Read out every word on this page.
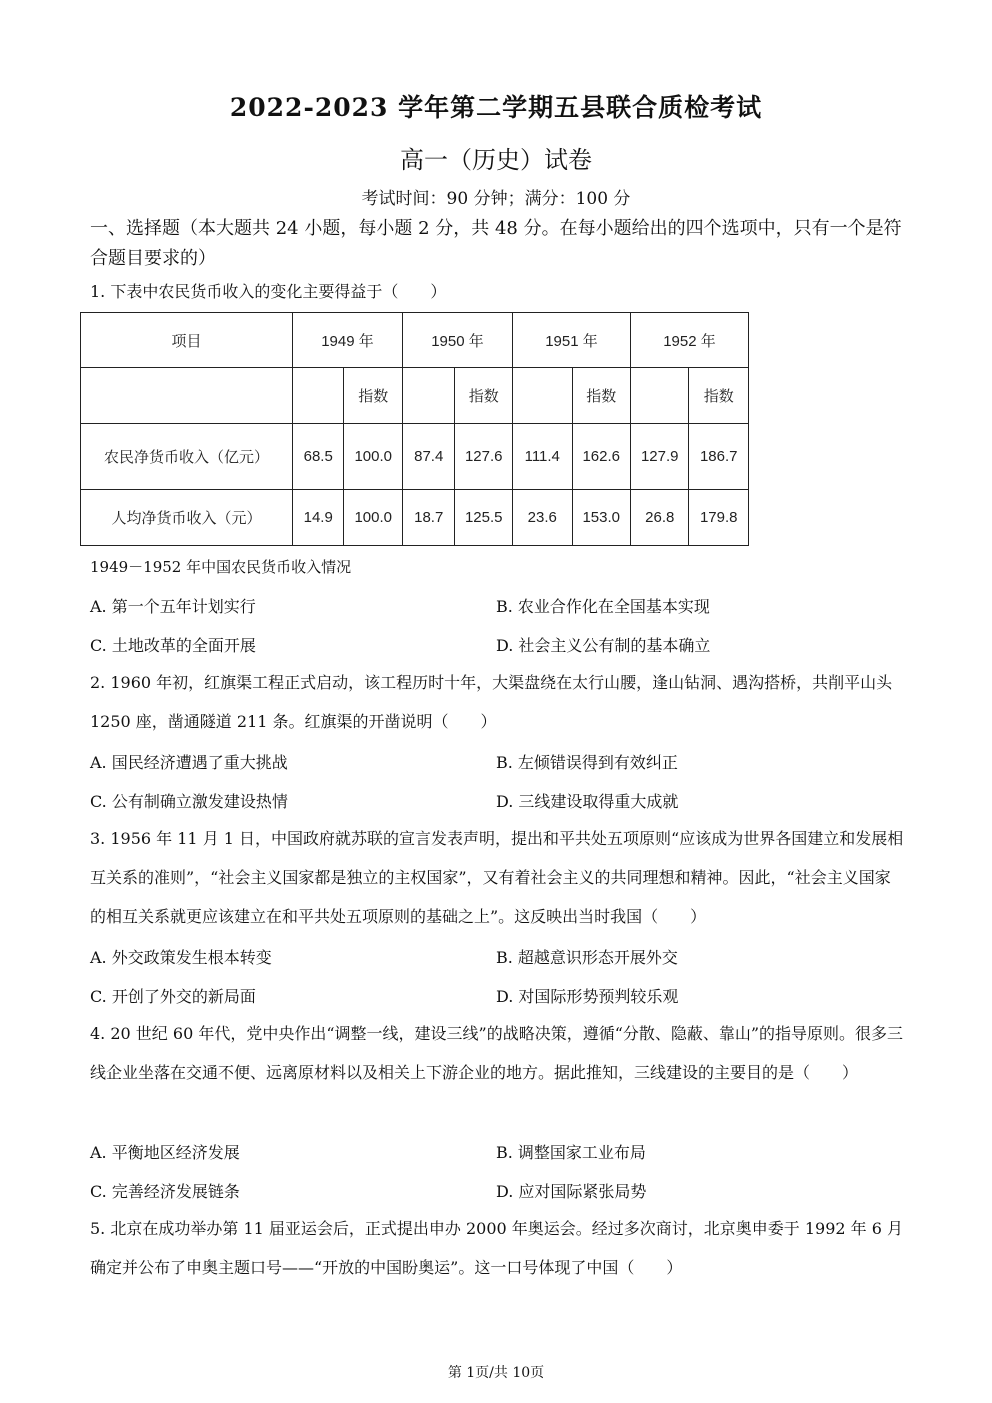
2022-2023 学年第二学期五县联合质检考试
高一（历史）试卷
考试时间：90 分钟；满分：100 分
一、选择题（本大题共 24 小题，每小题 2 分，共 48 分。在每小题给出的四个选项中，只有一个是符合题目要求的）
1. 下表中农民货币收入的变化主要得益于（　　）
项目	1949 年		1950 年		1951 年		1952 年	
		指数		指数		指数		指数
农民净货币收入（亿元）	68.5	100.0	87.4	127.6	111.4	162.6	127.9	186.7
人均净货币收入（元）	14.9	100.0	18.7	125.5	23.6	153.0	26.8	179.8
1949－1952 年中国农民货币收入情况
A. 第一个五年计划实行	B. 农业合作化在全国基本实现
C. 土地改革的全面开展	D. 社会主义公有制的基本确立
2. 1960 年初，红旗渠工程正式启动，该工程历时十年，大渠盘绕在太行山腰，逢山钻洞、遇沟搭桥，共削平山头 1250 座，凿通隧道 211 条。红旗渠的开凿说明（　　）
A. 国民经济遭遇了重大挑战	B. 左倾错误得到有效纠正
C. 公有制确立激发建设热情	D. 三线建设取得重大成就
3. 1956 年 11 月 1 日，中国政府就苏联的宣言发表声明，提出和平共处五项原则“应该成为世界各国建立和发展相互关系的准则”，“社会主义国家都是独立的主权国家”，又有着社会主义的共同理想和精神。因此，“社会主义国家的相互关系就更应该建立在和平共处五项原则的基础之上”。这反映出当时我国（　　）
A. 外交政策发生根本转变	B. 超越意识形态开展外交
C. 开创了外交的新局面	D. 对国际形势预判较乐观
4. 20 世纪 60 年代，党中央作出“调整一线，建设三线”的战略决策，遵循“分散、隐蔽、靠山”的指导原则。很多三线企业坐落在交通不便、远离原材料以及相关上下游企业的地方。据此推知，三线建设的主要目的是（　　）
A. 平衡地区经济发展	B. 调整国家工业布局
C. 完善经济发展链条	D. 应对国际紧张局势
5. 北京在成功举办第 11 届亚运会后，正式提出申办 2000 年奥运会。经过多次商讨，北京奥申委于 1992 年 6 月确定并公布了申奥主题口号——“开放的中国盼奥运”。这一口号体现了中国（　　）
第 1页/共 10页
